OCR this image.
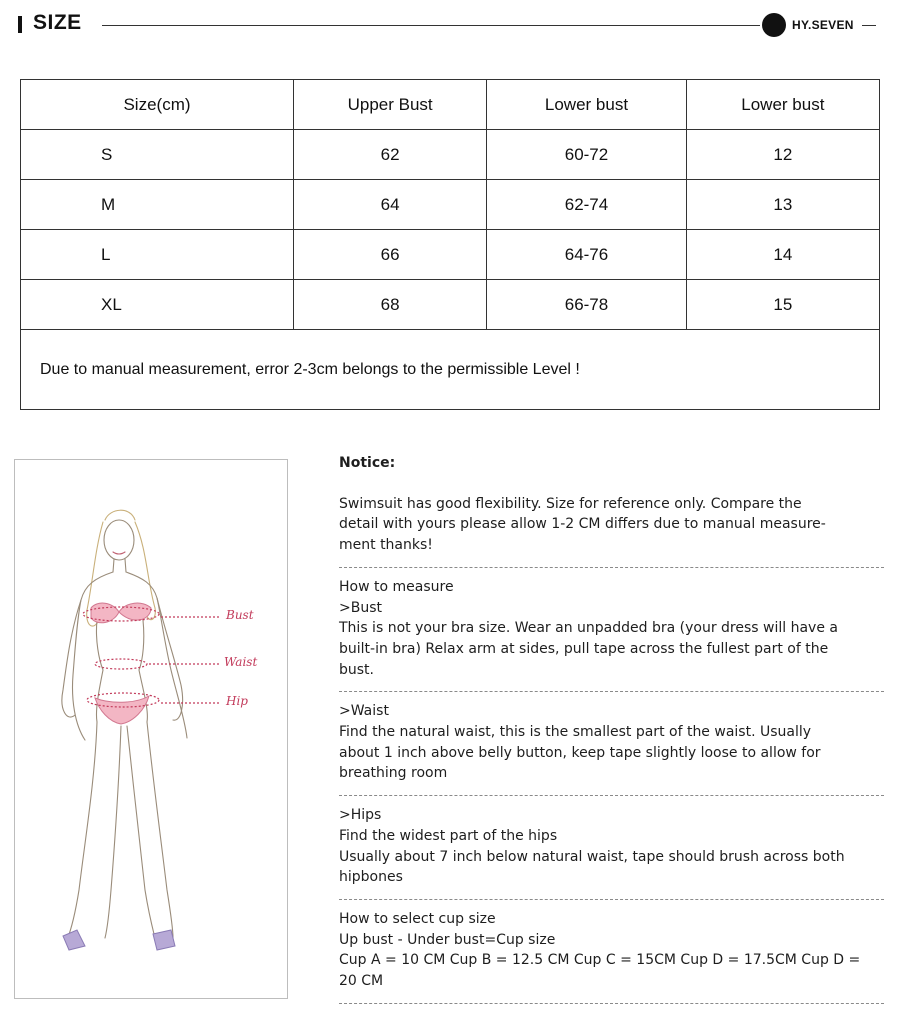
SIZE	HY.SEVEN
Size(cm)	Upper Bust	Lower bust	Lower bust
S	62	60-72	12
M	64	62-74	13
L	66	64-76	14
XL	68	66-78	15
Due to manual measurement, error 2-3cm belongs to the permissible Level !			
Bust
Waist
Hip
Notice:
Swimsuit has good flexibility. Size for reference only. Compare the
detail with yours please allow 1-2 CM differs due to manual measure-
ment thanks!
How to measure
>Bust
This is not your bra size. Wear an unpadded bra (your dress will have a
built-in bra) Relax arm at sides, pull tape across the fullest part of the
bust.
>Waist
Find the natural waist, this is the smallest part of the waist. Usually
about 1 inch above belly button, keep tape slightly loose to allow for
breathing room
>Hips
Find the widest part of the hips
Usually about 7 inch below natural waist, tape should brush across both
hipbones
How to select cup size
Up bust - Under bust=Cup size
Cup A = 10 CM Cup B = 12.5 CM Cup C = 15CM Cup D = 17.5CM Cup D =
20 CM
